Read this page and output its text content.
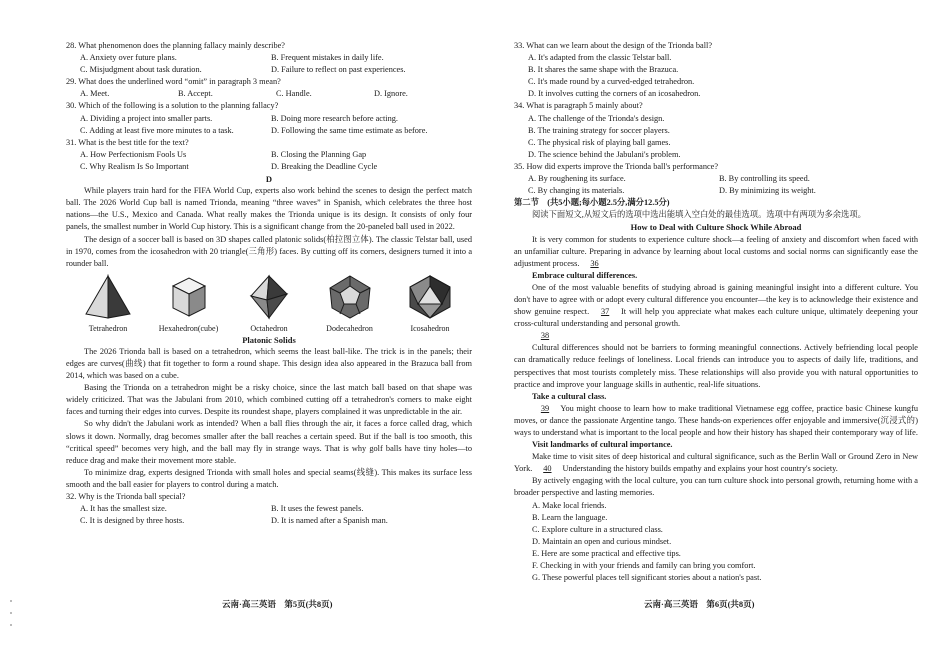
28. What phenomenon does the planning fallacy mainly describe?
A. Anxiety over future plans.	B. Frequent mistakes in daily life.
C. Misjudgment about task duration.	D. Failure to reflect on past experiences.
29. What does the underlined word “omit” in paragraph 3 mean?
A. Meet.	B. Accept.	C. Handle.	D. Ignore.
30. Which of the following is a solution to the planning fallacy?
A. Dividing a project into smaller parts.	B. Doing more research before acting.
C. Adding at least five more minutes to a task.	D. Following the same time estimate as before.
31. What is the best title for the text?
A. How Perfectionism Fools Us	B. Closing the Planning Gap
C. Why Realism Is So Important	D. Breaking the Deadline Cycle
D

While players train hard for the FIFA World Cup, experts also work behind the scenes to design the perfect match ball. The 2026 World Cup ball is named Trionda, meaning “three waves” in Spanish, which celebrates the three host nations—the U.S., Mexico and Canada. What really makes the Trionda unique is its design. It consists of only four panels, the smallest number in World Cup history. This is a significant change from the 20-paneled ball used in 2022.

The design of a soccer ball is based on 3D shapes called platonic solids(柏拉图立体). The classic Telstar ball, used in 1970, comes from the icosahedron with 20 triangle(三角形) faces. By cutting off its corners, designers turned it into a rounder ball.

Tetrahedron	Hexahedron(cube)	Octahedron	Dodecahedron	Icosahedron
Platonic Solids

The 2026 Trionda ball is based on a tetrahedron, which seems the least ball-like. The trick is in the panels; their edges are curves(曲线) that fit together to form a round shape. This design idea also appeared in the Brazuca ball from 2014, which was based on a cube.

Basing the Trionda on a tetrahedron might be a risky choice, since the last match ball based on that shape was widely criticized. That was the Jabulani from 2010, which combined cutting off a tetrahedron's corners to make eight faces and turning their edges into curves. Despite its roundest shape, players complained it was unpredictable in the air.

So why didn't the Jabulani work as intended? When a ball flies through the air, it faces a force called drag, which slows it down. Normally, drag becomes smaller after the ball reaches a certain speed. But if the ball is too smooth, this “critical speed” becomes very high, and the ball may fly in strange ways. That is why golf balls have tiny holes—to reduce drag and make their movement more stable.

To minimize drag, experts designed Trionda with small holes and special seams(线缝). This makes its surface less smooth and the ball easier for players to control during a match.

32. Why is the Trionda ball special?
A. It has the smallest size.	B. It uses the fewest panels.
C. It is designed by three hosts.	D. It is named after a Spanish man.
33. What can we learn about the design of the Trionda ball?
A. It's adapted from the classic Telstar ball.
B. It shares the same shape with the Brazuca.
C. It's made round by a curved-edged tetrahedron.
D. It involves cutting the corners of an icosahedron.
34. What is paragraph 5 mainly about?
A. The challenge of the Trionda's design.
B. The training strategy for soccer players.
C. The physical risk of playing ball games.
D. The science behind the Jabulani's problem.
35. How did experts improve the Trionda ball's performance?
A. By roughening its surface.	B. By controlling its speed.
C. By changing its materials.	D. By minimizing its weight.
第二节　(共5小题;每小题2.5分,满分12.5分)
阅读下面短文,从短文后的选项中选出能填入空白处的最佳选项。选项中有两项为多余选项。
How to Deal with Culture Shock While Abroad

It is very common for students to experience culture shock—a feeling of anxiety and discomfort when faced with an unfamiliar culture. Preparing in advance by learning about local customs and social norms can significantly ease the adjustment process. 36

Embrace cultural differences.

One of the most valuable benefits of studying abroad is gaining meaningful insight into a different culture. You don't have to agree with or adopt every cultural difference you encounter—the key is to acknowledge their existence and show genuine respect. 37 It will help you appreciate what makes each culture unique, ultimately deepening your cross-cultural understanding and personal growth.

38

Cultural differences should not be barriers to forming meaningful connections. Actively befriending local people can dramatically reduce feelings of loneliness. Local friends can introduce you to aspects of daily life, traditions, and perspectives that most tourists completely miss. These relationships will also provide you with natural opportunities to practice and improve your language skills in authentic, real-life situations.

Take a cultural class.

39 You might choose to learn how to make traditional Vietnamese egg coffee, practice basic Chinese kungfu moves, or dance the passionate Argentine tango. These hands-on experiences offer enjoyable and immersive(沉浸式的) ways to understand what is important to the local people and how their history has shaped their contemporary way of life.

Visit landmarks of cultural importance.

Make time to visit sites of deep historical and cultural significance, such as the Berlin Wall or Ground Zero in New York. 40 Understanding the history builds empathy and explains your host country's society.

By actively engaging with the local culture, you can turn culture shock into personal growth, returning home with a broader perspective and lasting memories.

A. Make local friends.
B. Learn the language.
C. Explore culture in a structured class.
D. Maintain an open and curious mindset.
E. Here are some practical and effective tips.
F. Checking in with your friends and family can bring you comfort.
G. These powerful places tell significant stories about a nation's past.
云南·高三英语　第5页(共8页)	云南·高三英语　第6页(共8页)
